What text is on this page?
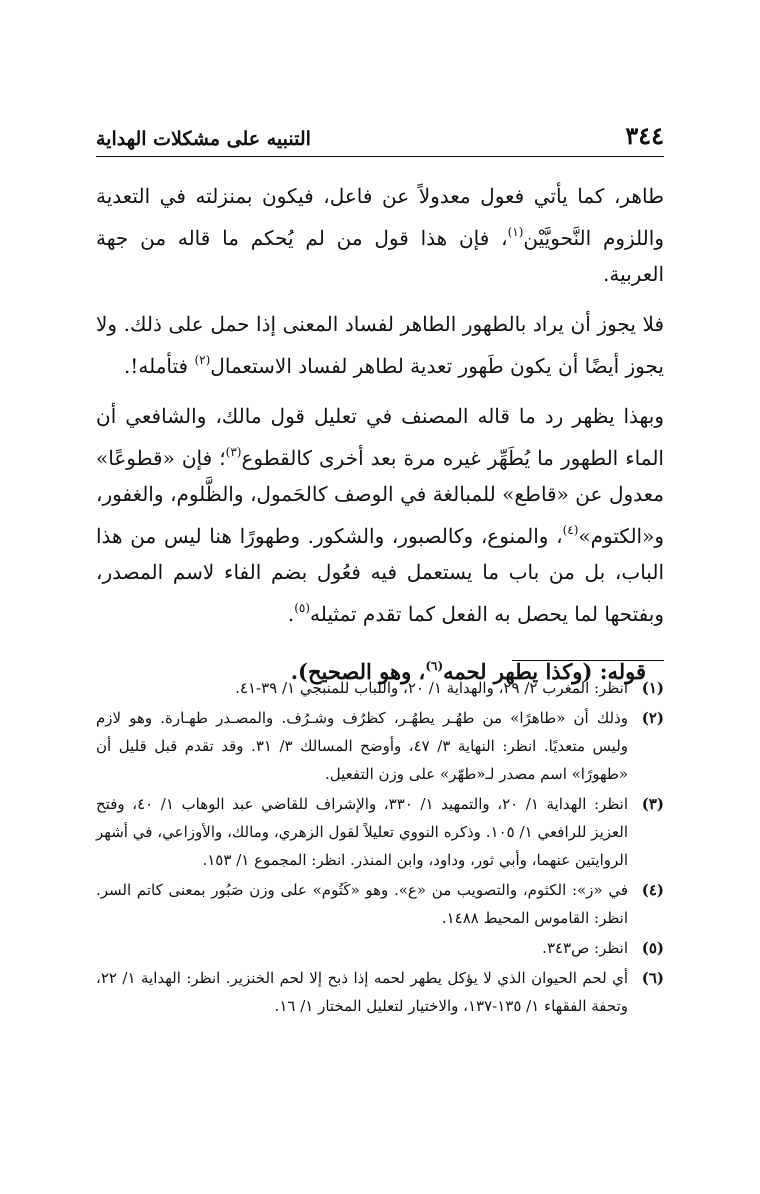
٣٤٤
التنبيه على مشكلات الهداية

طاهر، كما يأتي فعول معدولاً عن فاعل، فيكون بمنزلته في التعدية واللزوم النَّحويَّيْن$^{(١)}$، فإن هذا قول من لم يُحكم ما قاله من جهة العربية.

فلا يجوز أن يراد بالطهور الطاهر لفساد المعنى إذا حمل على ذلك. ولا يجوز أيضًا أن يكون طَهور تعدية لطاهر لفساد الاستعمال$^{(٢)}$ فتأمله!.

وبهذا يظهر رد ما قاله المصنف في تعليل قول مالك، والشافعي أن الماء الطهور ما يُطَهِّر غيره مرة بعد أخرى كالقطوع$^{(٣)}$؛ فإن «قطوعًا» معدول عن «قاطع» للمبالغة في الوصف كالحَمول، والظَّلوم، والغفور، و«الكتوم»$^{(٤)}$، والمنوع، وكالصبور، والشكور. وطهورًا هنا ليس من هذا الباب، بل من باب ما يستعمل فيه فعُول بضم الفاء لاسم المصدر، وبفتحها لما يحصل به الفعل كما تقدم تمثيله$^{(٥)}$.

قوله: (وكذا يطهر لحمه$^{(٦)}$، وهو الصحيح).

(١)
انظر: المغرب ٢/ ٢٩، والهداية ١/ ٢٠، واللباب للمنبجي ١/ ٣٩-٤١.
(٢)
وذلك أن «طاهرًا» من طهُـر يطهُـر، كظرُف وشـرُف. والمصـدر طهـارة. وهو لازم وليس متعديًا. انظر: النهاية ٣/ ٤٧، وأوضح المسالك ٣/ ٣١. وقد تقدم قبل قليل أن «طهورًا» اسم مصدر لـ«طهّر» على وزن التفعيل.
(٣)
انظر: الهداية ١/ ٢٠، والتمهيد ١/ ٣٣٠، والإشراف للقاضي عبد الوهاب ١/ ٤٠، وفتح العزيز للرافعي ١/ ١٠٥. وذكره النووي تعليلاً لقول الزهري، ومالك، والأوزاعي، في أشهر الروايتين عنهما، وأبي ثور، وداود، وابن المنذر. انظر: المجموع ١/ ١٥٣.
(٤)
في «ز»: الكثوم، والتصويب من «ع». وهو «كَتُوم» على وزن صَبُور بمعنى كاتم السر. انظر: القاموس المحيط ١٤٨٨.
(٥)
انظر: ص٣٤٣.
(٦)
أي لحم الحيوان الذي لا يؤكل يطهر لحمه إذا ذبح إلا لحم الخنزير. انظر: الهداية ١/ ٢٢، وتحفة الفقهاء ١/ ١٣٥-١٣٧، والاختيار لتعليل المختار ١/ ١٦.
